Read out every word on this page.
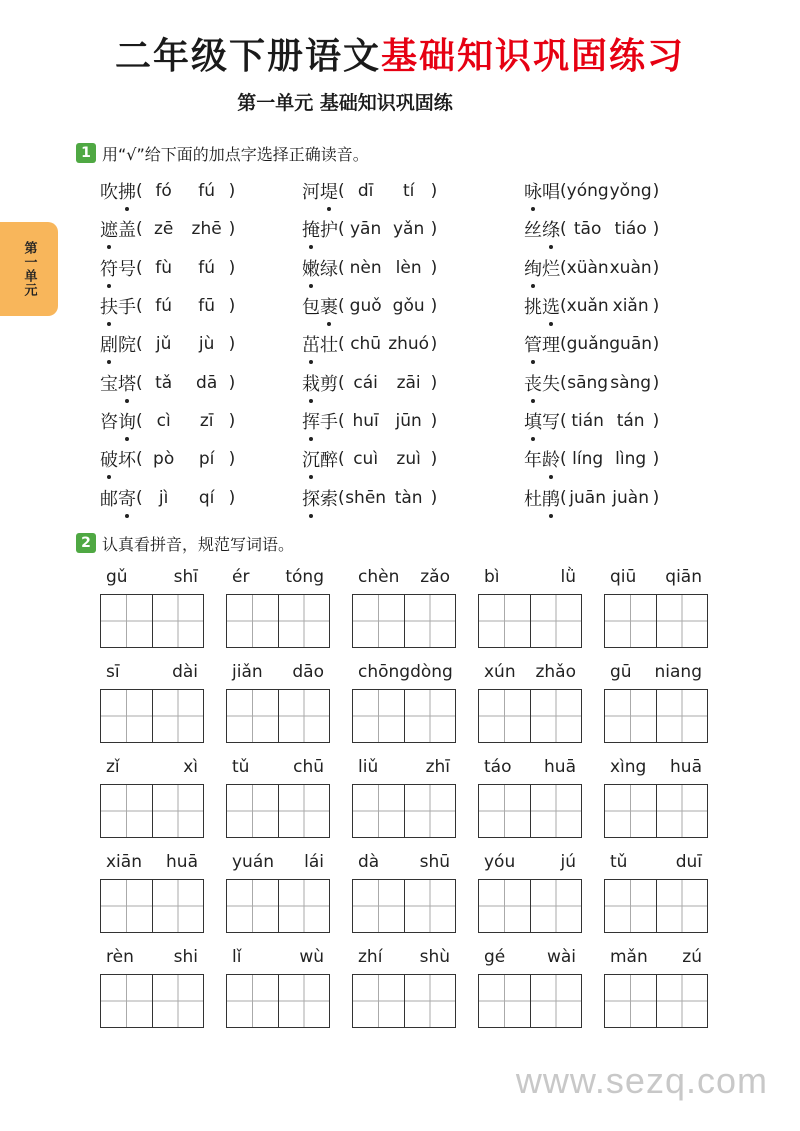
二年级下册语文基础知识巩固练习
第一单元 基础知识巩固练
第一单元
1 用“√”给下面的加点字选择正确读音。
吹拂 ( fó	fú )	河堤 ( dī	tí )	咏唱 ( yóng yǒng )
遮盖 ( zē	zhē )	掩护 ( yān yǎn )	丝绦 ( tāo tiáo )
符号 ( fù	fú )	嫩绿 ( nèn lèn )	绚烂 ( xüàn xuàn )
扶手 ( fú	fū )	包裹 ( guǒ gǒu )	挑选 ( xuǎn xiǎn )
剧院 ( jǔ	jù )	茁壮 ( chū zhuó )	管理 ( guǎn guān )
宝塔 ( tǎ	dā )	栽剪 ( cái	zāi )	丧失 ( sāng sàng )
咨询 ( cì	zī )	挥手 ( huī jūn )	填写 ( tián tán )
破坏 ( pò	pí )	沉醉 ( cuì	zuì )	年龄 ( líng lìng )
邮寄 ( jì	qí )	探索 ( shēn tàn )	杜鹃 ( juān juàn )
2 认真看拼音，规范写词语。
gǔ	shī ér tóng chèn zǎo bì	lǜ qiū qiān
sī	dài jiǎn dāo chōng dòng xún zhǎo gū niang
zǐ	xì tǔ	chū liǔ	zhī táo huā xìng huā
xiān huā yuán lái dà shū yóu	jú tǔ	duī
rèn shi lǐ	wù zhí shù gé wài mǎn zú
www.sezq.com
